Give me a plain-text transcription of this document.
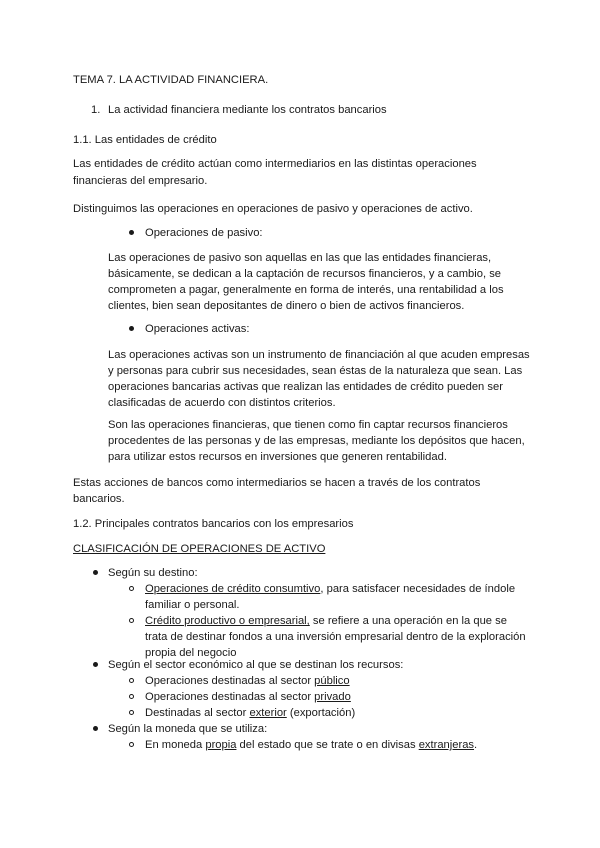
TEMA 7. LA ACTIVIDAD FINANCIERA.
1. La actividad financiera mediante los contratos bancarios
1.1. Las entidades de crédito
Las entidades de crédito actúan como intermediarios en las distintas operaciones
financieras del empresario.
Distinguimos las operaciones en operaciones de pasivo y operaciones de activo.
Operaciones de pasivo:
Las operaciones de pasivo son aquellas en las que las entidades financieras,
básicamente, se dedican a la captación de recursos financieros, y a cambio, se
comprometen a pagar, generalmente en forma de interés, una rentabilidad a los
clientes, bien sean depositantes de dinero o bien de activos financieros.
Operaciones activas:
Las operaciones activas son un instrumento de financiación al que acuden empresas
y personas para cubrir sus necesidades, sean éstas de la naturaleza que sean. Las
operaciones bancarias activas que realizan las entidades de crédito pueden ser
clasificadas de acuerdo con distintos criterios.
Son las operaciones financieras, que tienen como fin captar recursos financieros
procedentes de las personas y de las empresas, mediante los depósitos que hacen,
para utilizar estos recursos en inversiones que generen rentabilidad.
Estas acciones de bancos como intermediarios se hacen a través de los contratos
bancarios.
1.2. Principales contratos bancarios con los empresarios
CLASIFICACIÓN DE OPERACIONES DE ACTIVO
Según su destino:
Operaciones de crédito consumtivo, para satisfacer necesidades de índole
familiar o personal.
Crédito productivo o empresarial, se refiere a una operación en la que se
trata de destinar fondos a una inversión empresarial dentro de la exploración
propia del negocio
Según el sector económico al que se destinan los recursos:
Operaciones destinadas al sector público
Operaciones destinadas al sector privado
Destinadas al sector exterior (exportación)
Según la moneda que se utiliza:
En moneda propia del estado que se trate o en divisas extranjeras.
